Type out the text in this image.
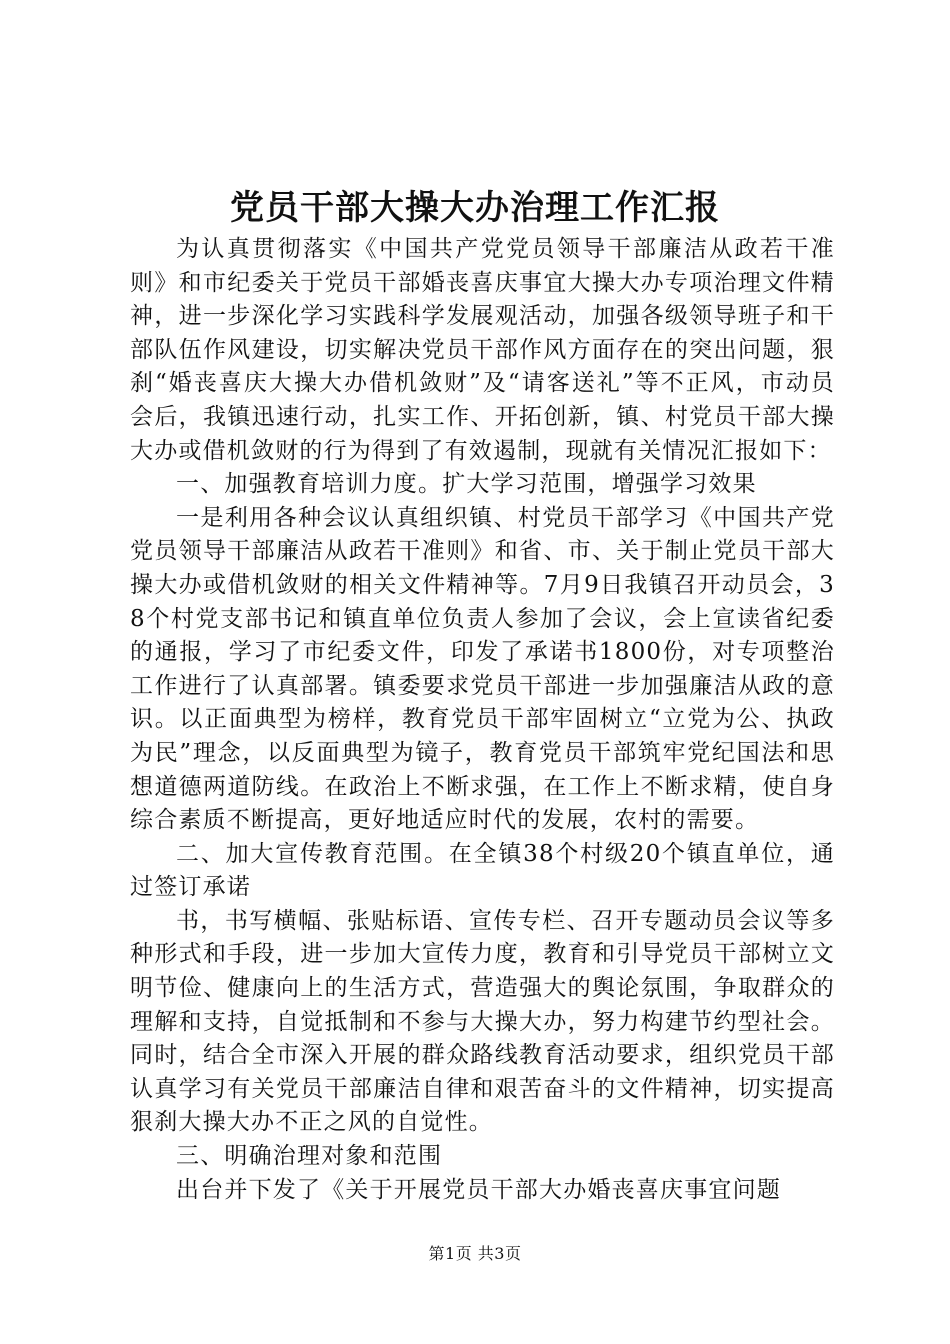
党员干部大操大办治理工作汇报

为认真贯彻落实《中国共产党党员领导干部廉洁从政若干准则》和市纪委关于党员干部婚丧喜庆事宜大操大办专项治理文件精神，进一步深化学习实践科学发展观活动，加强各级领导班子和干部队伍作风建设，切实解决党员干部作风方面存在的突出问题，狠刹“婚丧喜庆大操大办借机敛财”及“请客送礼”等不正风，市动员会后，我镇迅速行动，扎实工作、开拓创新，镇、村党员干部大操大办或借机敛财的行为得到了有效遏制，现就有关情况汇报如下：

一、加强教育培训力度。扩大学习范围，增强学习效果

一是利用各种会议认真组织镇、村党员干部学习《中国共产党党员领导干部廉洁从政若干准则》和省、市、关于制止党员干部大操大办或借机敛财的相关文件精神等。7月9日我镇召开动员会，38个村党支部书记和镇直单位负责人参加了会议，会上宣读省纪委的通报，学习了市纪委文件，印发了承诺书1800份，对专项整治工作进行了认真部署。镇委要求党员干部进一步加强廉洁从政的意识。以正面典型为榜样，教育党员干部牢固树立“立党为公、执政为民”理念，以反面典型为镜子，教育党员干部筑牢党纪国法和思想道德两道防线。在政治上不断求强，在工作上不断求精，使自身综合素质不断提高，更好地适应时代的发展，农村的需要。

二、加大宣传教育范围。在全镇38个村级20个镇直单位，通过签订承诺

书，书写横幅、张贴标语、宣传专栏、召开专题动员会议等多种形式和手段，进一步加大宣传力度，教育和引导党员干部树立文明节俭、健康向上的生活方式，营造强大的舆论氛围，争取群众的理解和支持，自觉抵制和不参与大操大办，努力构建节约型社会。同时，结合全市深入开展的群众路线教育活动要求，组织党员干部认真学习有关党员干部廉洁自律和艰苦奋斗的文件精神，切实提高狠刹大操大办不正之风的自觉性。

三、明确治理对象和范围

出台并下发了《关于开展党员干部大办婚丧喜庆事宜问题

第1页 共3页
